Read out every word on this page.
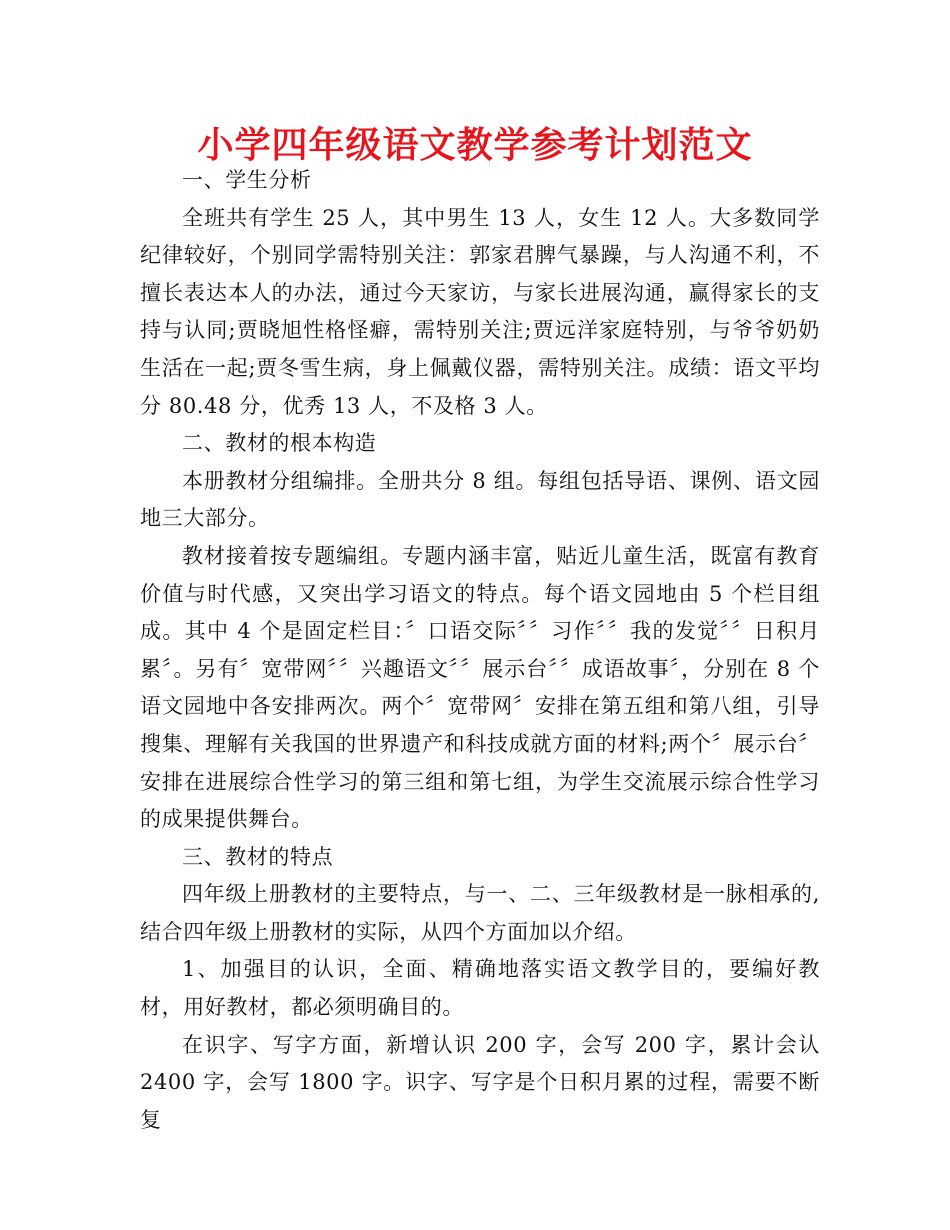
小学四年级语文教学参考计划范文

一、学生分析

全班共有学生 25 人，其中男生 13 人，女生 12 人。大多数同学纪律较好，个别同学需特别关注：郭家君脾气暴躁，与人沟通不利，不擅长表达本人的办法，通过今天家访，与家长进展沟通，赢得家长的支持与认同;贾晓旭性格怪癖，需特别关注;贾远洋家庭特别，与爷爷奶奶生活在一起;贾冬雪生病，身上佩戴仪器，需特别关注。成绩：语文平均分 80.48 分，优秀 13 人，不及格 3 人。

二、教材的根本构造

本册教材分组编排。全册共分 8 组。每组包括导语、课例、语文园地三大部分。

教材接着按专题编组。专题内涵丰富，贴近儿童生活，既富有教育价值与时代感，又突出学习语文的特点。每个语文园地由 5 个栏目组成。其中 4 个是固定栏目：〞口语交际〞〞习作〞〞我的发觉〞〞日积月累〞。另有〞宽带网〞〞兴趣语文〞〞展示台〞〞成语故事〞，分别在 8 个语文园地中各安排两次。两个〞宽带网〞安排在第五组和第八组，引导搜集、理解有关我国的世界遗产和科技成就方面的材料;两个〞展示台〞安排在进展综合性学习的第三组和第七组，为学生交流展示综合性学习的成果提供舞台。

三、教材的特点

四年级上册教材的主要特点，与一、二、三年级教材是一脉相承的,结合四年级上册教材的实际，从四个方面加以介绍。

1、加强目的认识，全面、精确地落实语文教学目的，要编好教材，用好教材，都必须明确目的。

在识字、写字方面，新增认识 200 字，会写 200 字，累计会认 2400 字，会写 1800 字。识字、写字是个日积月累的过程，需要不断复
